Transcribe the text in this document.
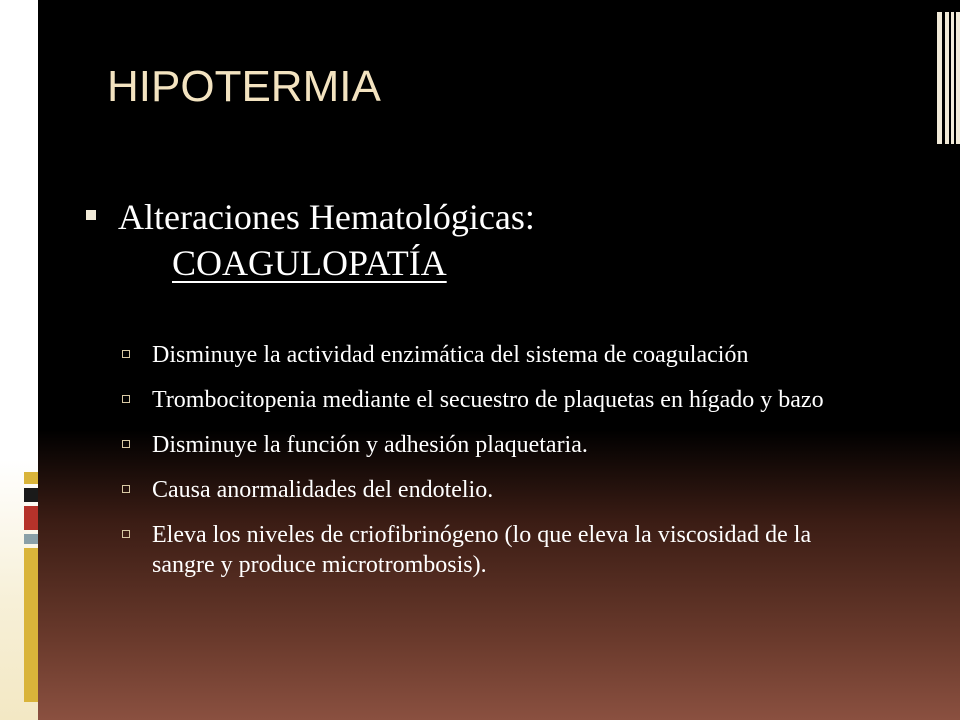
HIPOTERMIA
Alteraciones Hematológicas:
COAGULOPATÍA
Disminuye la actividad enzimática del sistema de coagulación
Trombocitopenia mediante el secuestro de plaquetas en hígado y bazo
Disminuye la función y adhesión plaquetaria.
Causa anormalidades del endotelio.
Eleva los niveles de criofibrinógeno (lo que eleva la viscosidad de la sangre y produce microtrombosis).
